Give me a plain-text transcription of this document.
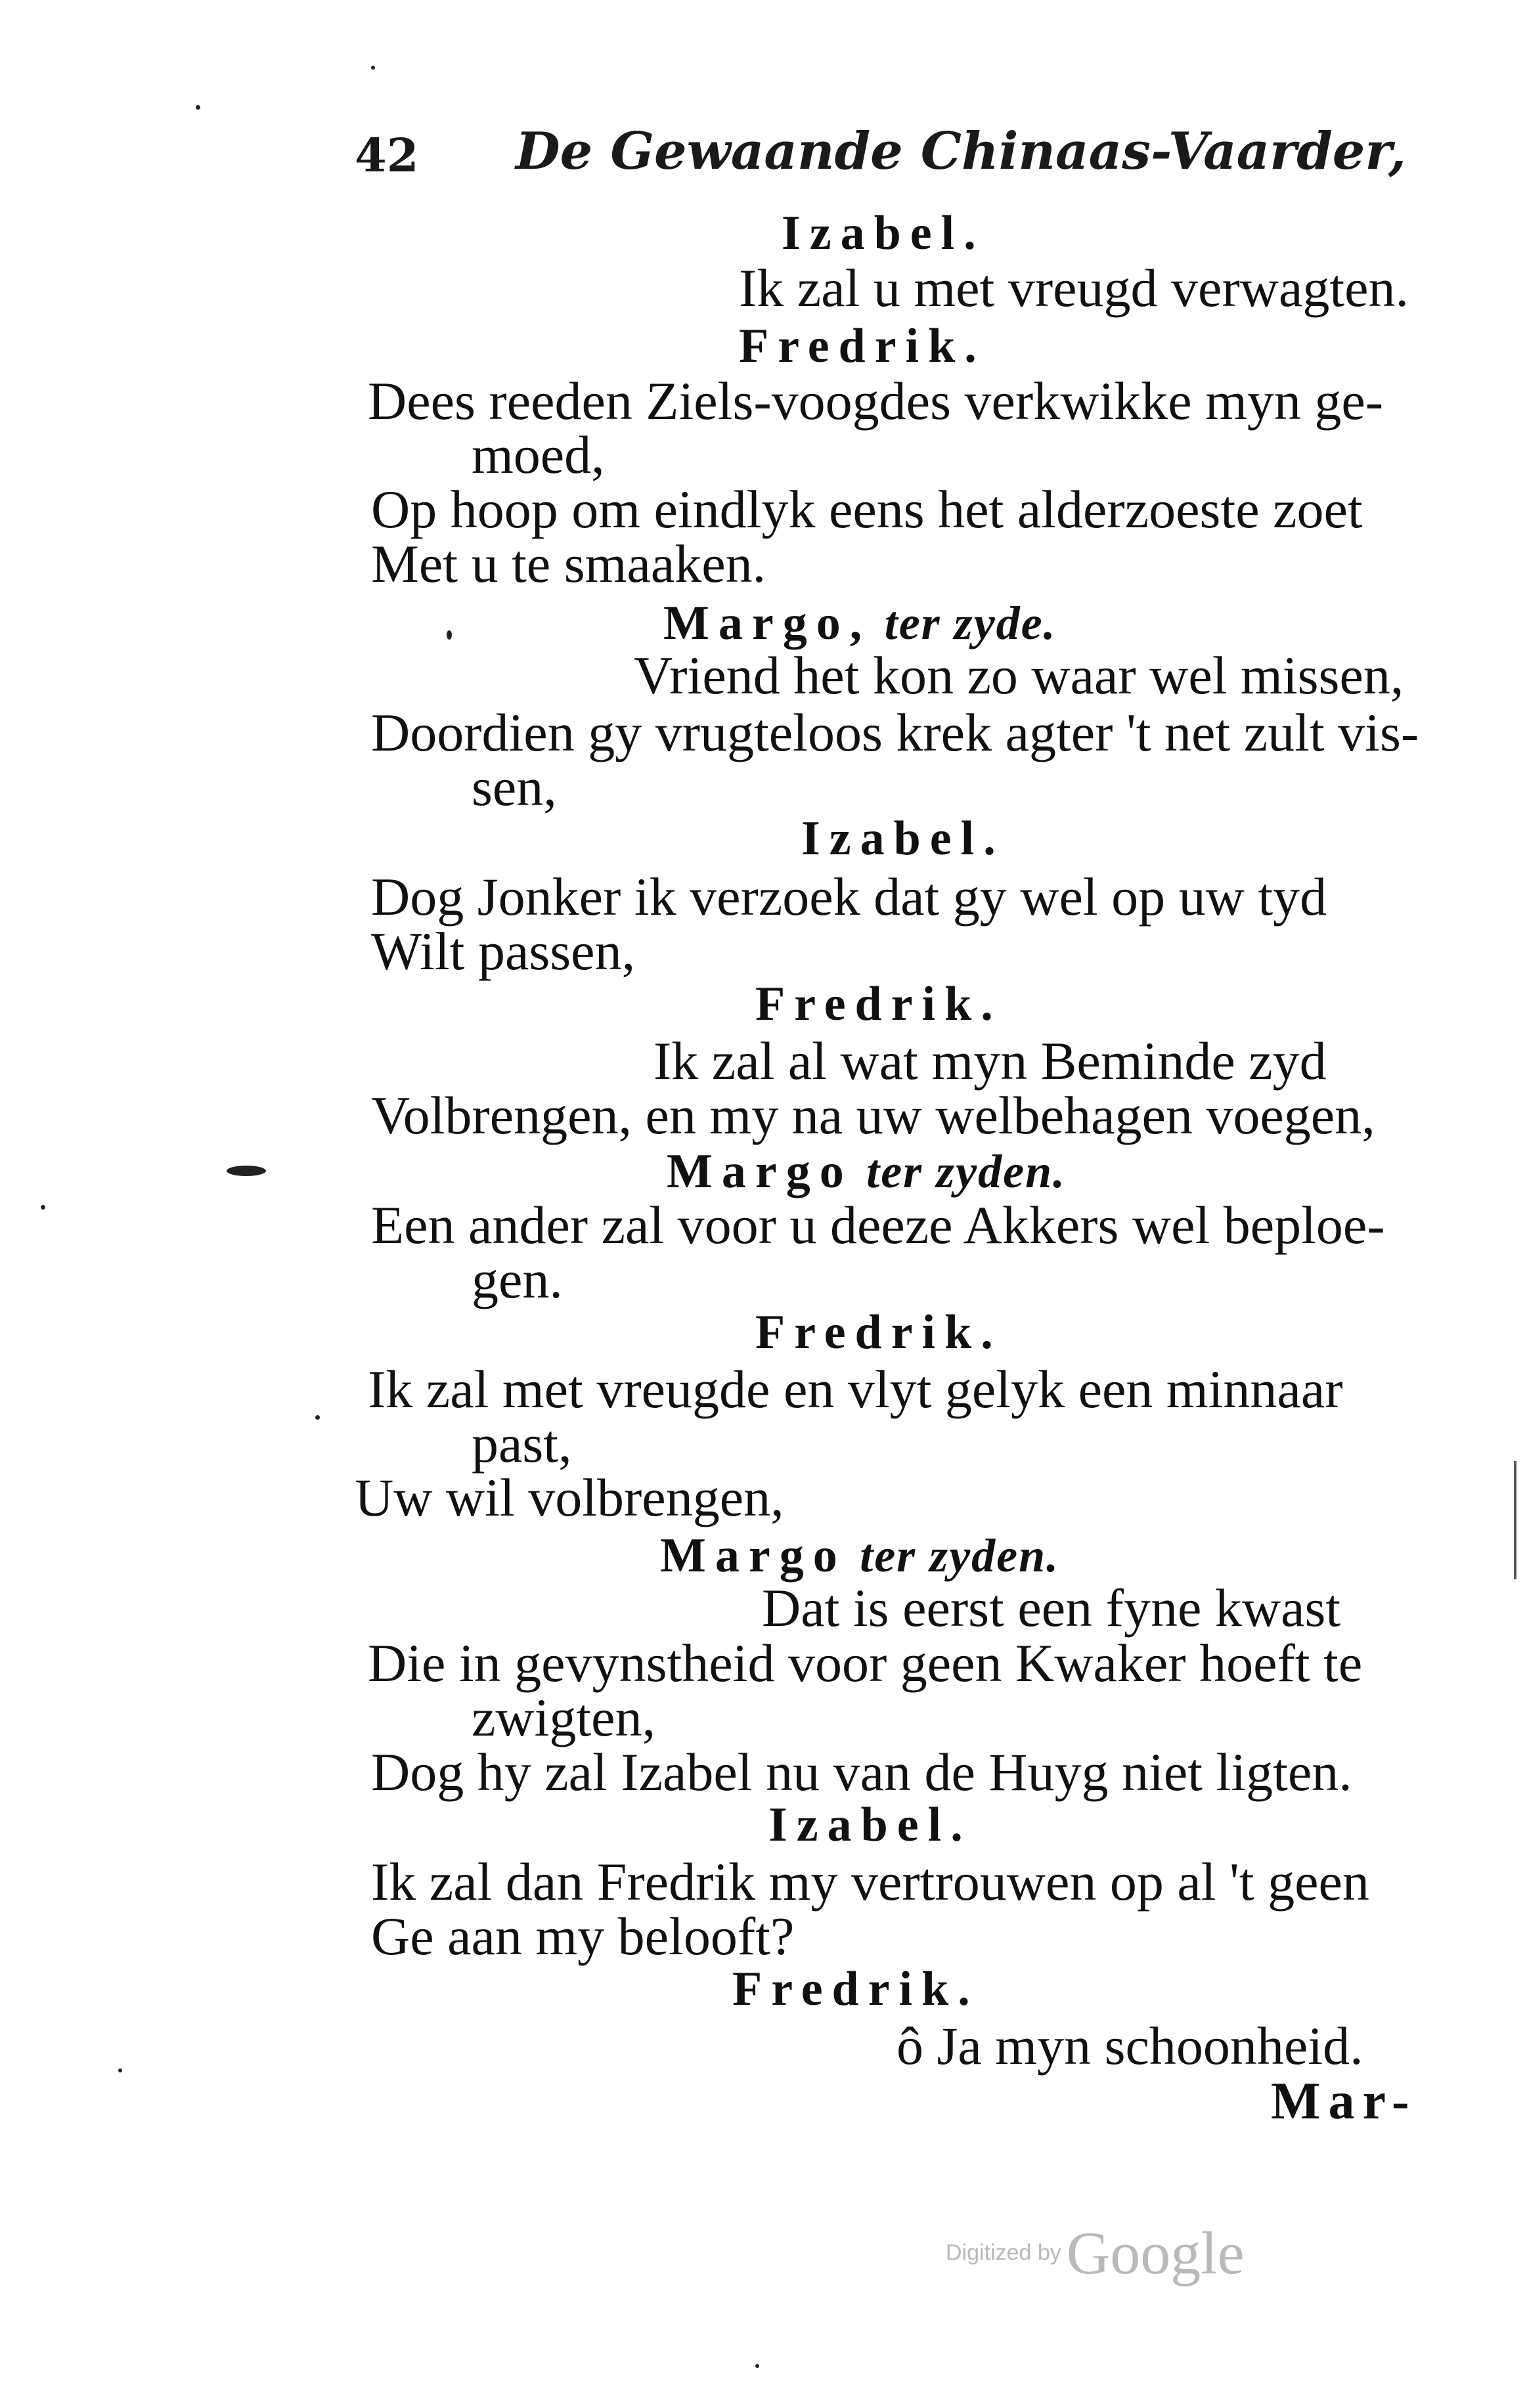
42 De Gewaande Chinaas-Vaarder,
Izabel.
Ik zal u met vreugd verwagten.
Fredrik.
Dees reeden Ziels-voogdes verkwikke myn ge-
moed,
Op hoop om eindlyk eens het alderzoeste zoet
Met u te smaaken.
Margo, ter zyde.
Vriend het kon zo waar wel missen,
Doordien gy vrugteloos krek agter 't net zult vis-
sen,
Izabel.
Dog Jonker ik verzoek dat gy wel op uw tyd
Wilt passen,
Fredrik.
Ik zal al wat myn Beminde zyd
Volbrengen, en my na uw welbehagen voegen,
Margo ter zyden.
Een ander zal voor u deeze Akkers wel beploe-
gen.
Fredrik.
Ik zal met vreugde en vlyt gelyk een minnaar
past,
Uw wil volbrengen,
Margo ter zyden.
Dat is eerst een fyne kwast
Die in gevynstheid voor geen Kwaker hoeft te
zwigten,
Dog hy zal Izabel nu van de Huyg niet ligten.
Izabel.
Ik zal dan Fredrik my vertrouwen op al 't geen
Ge aan my belooft?
Fredrik.
ô Ja myn schoonheid.
Mar-
Digitized byGoogle
